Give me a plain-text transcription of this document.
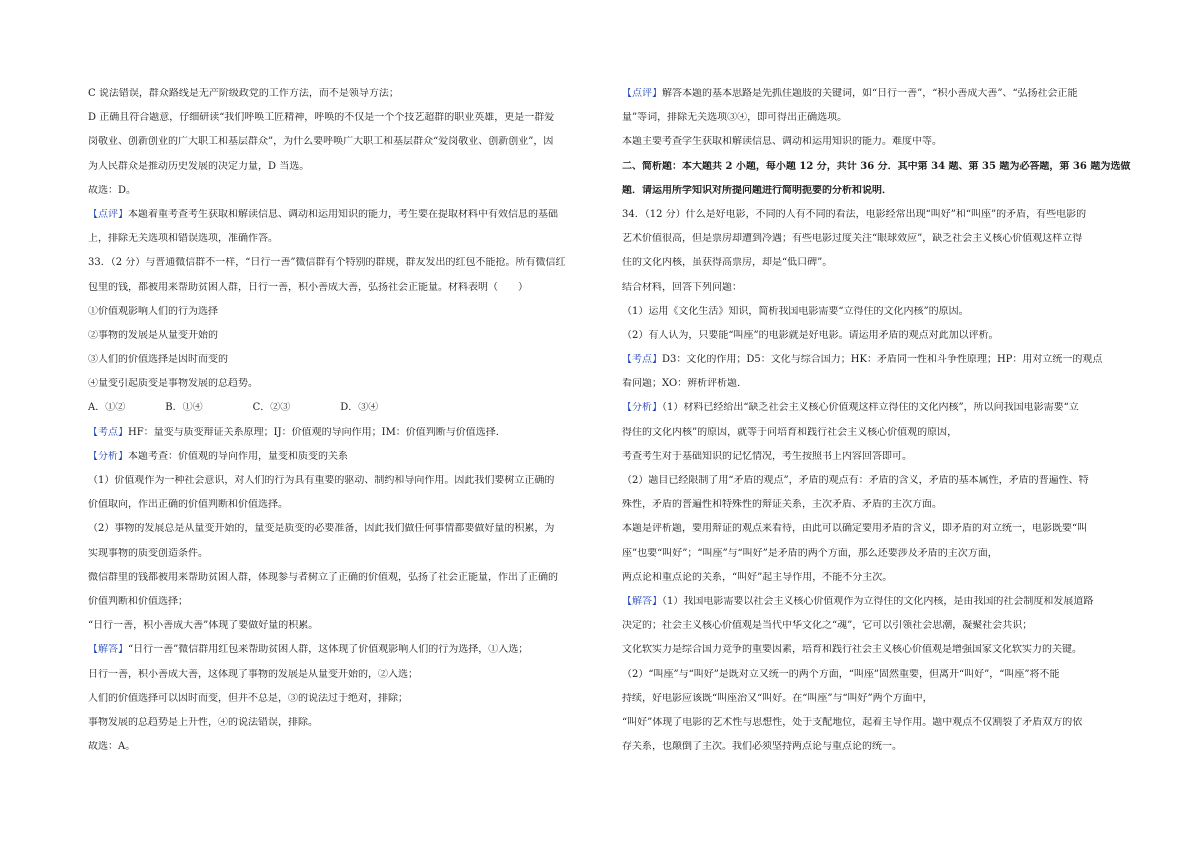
C 说法错误，群众路线是无产阶级政党的工作方法，而不是领导方法；
D 正确且符合题意，仔细研读“我们呼唤工匠精神，呼唤的不仅是一个个技艺超群的职业英雄，更是一群爱
岗敬业、创新创业的广大职工和基层群众”，为什么要呼唤广大职工和基层群众“爱岗敬业、创新创业”，因
为人民群众是推动历史发展的决定力量，D 当选。
故选：D。
【点评】本题着重考查考生获取和解读信息、调动和运用知识的能力，考生要在提取材料中有效信息的基础
上，排除无关选项和错误选项，准确作答。
33．（2 分）与普通微信群不一样，“日行一善”微信群有个特别的群规，群友发出的红包不能抢。所有微信红
包里的钱，都被用来帮助贫困人群，日行一善，积小善成大善，弘扬社会正能量。材料表明（　　）
①价值观影响人们的行为选择
②事物的发展是从量变开始的
③人们的价值选择是因时而变的
④量变引起质变是事物发展的总趋势。
A．①②　　　　B．①④　　　　　C．②③　　　　　D．③④
【考点】HF：量变与质变辩证关系原理；IJ：价值观的导向作用；IM：价值判断与价值选择．
【分析】本题考查：价值观的导向作用，量变和质变的关系
（1）价值观作为一种社会意识，对人们的行为具有重要的驱动、制约和导向作用。因此我们要树立正确的
价值取向，作出正确的价值判断和价值选择。
（2）事物的发展总是从量变开始的，量变是质变的必要准备，因此我们做任何事情都要做好量的积累，为
实现事物的质变创造条件。
微信群里的钱都被用来帮助贫困人群，体现参与者树立了正确的价值观，弘扬了社会正能量，作出了正确的
价值判断和价值选择；
“日行一善，积小善成大善”体现了要做好量的积累。
【解答】“日行一善”微信群用红包来帮助贫困人群，这体现了价值观影响人们的行为选择，①入选；
日行一善，积小善成大善，这体现了事物的发展是从量变开始的，②入选；
人们的价值选择可以因时而变，但并不总是，③的说法过于绝对，排除；
事物发展的总趋势是上升性，④的说法错误，排除。
故选：A。
【点评】解答本题的基本思路是先抓住题肢的关键词，如“日行一善”，“积小善成大善”、“弘扬社会正能
量”等词，排除无关选项③④，即可得出正确选项。
本题主要考查学生获取和解读信息、调动和运用知识的能力。难度中等。
二、简析题：本大题共 2 小题，每小题 12 分，共计 36 分．其中第 34 题、第 35 题为必答题，第 36 题为选做
题．请运用所学知识对所提问题进行简明扼要的分析和说明．
34．（12 分）什么是好电影，不同的人有不同的看法，电影经常出现“叫好”和“叫座”的矛盾，有些电影的
艺术价值很高，但是票房却遭到冷遇；有些电影过度关注“眼球效应”，缺乏社会主义核心价值观这样立得
住的文化内核，虽获得高票房，却是“低口碑”。
结合材料，回答下列问题：
（1）运用《文化生活》知识，简析我国电影需要“立得住的文化内核”的原因。
（2）有人认为，只要能“叫座”的电影就是好电影。请运用矛盾的观点对此加以评析。
【考点】D3：文化的作用；D5：文化与综合国力；HK：矛盾同一性和斗争性原理；HP：用对立统一的观点
看问题；XO：辨析评析题．
【分析】（1）材料已经给出“缺乏社会主义核心价值观这样立得住的文化内核”，所以问我国电影需要“立
得住的文化内核”的原因，就等于问培育和践行社会主义核心价值观的原因，
考查考生对于基础知识的记忆情况，考生按照书上内容回答即可。
（2）题目已经限制了用“矛盾的观点”，矛盾的观点有：矛盾的含义，矛盾的基本属性，矛盾的普遍性、特
殊性，矛盾的普遍性和特殊性的辩证关系，主次矛盾、矛盾的主次方面。
本题是评析题，要用辩证的观点来看待，由此可以确定要用矛盾的含义，即矛盾的对立统一，电影既要“叫
座”也要“叫好”；“叫座”与“叫好”是矛盾的两个方面，那么还要涉及矛盾的主次方面，
两点论和重点论的关系，“叫好”起主导作用，不能不分主次。
【解答】（1）我国电影需要以社会主义核心价值观作为立得住的文化内核，是由我国的社会制度和发展道路
决定的；社会主义核心价值观是当代中华文化之“魂”，它可以引领社会思潮，凝聚社会共识；
文化软实力是综合国力竞争的重要因素，培育和践行社会主义核心价值观是增强国家文化软实力的关键。
（2）“叫座”与“叫好”是既对立又统一的两个方面，“叫座”固然重要，但离开“叫好”，“叫座”将不能
持续，好电影应该既“叫座治又“叫好。在“叫座”与“叫好”两个方面中，
“叫好”体现了电影的艺术性与思想性，处于支配地位，起着主导作用。题中观点不仅割裂了矛盾双方的依
存关系，也颠倒了主次。我们必须坚持两点论与重点论的统一。
